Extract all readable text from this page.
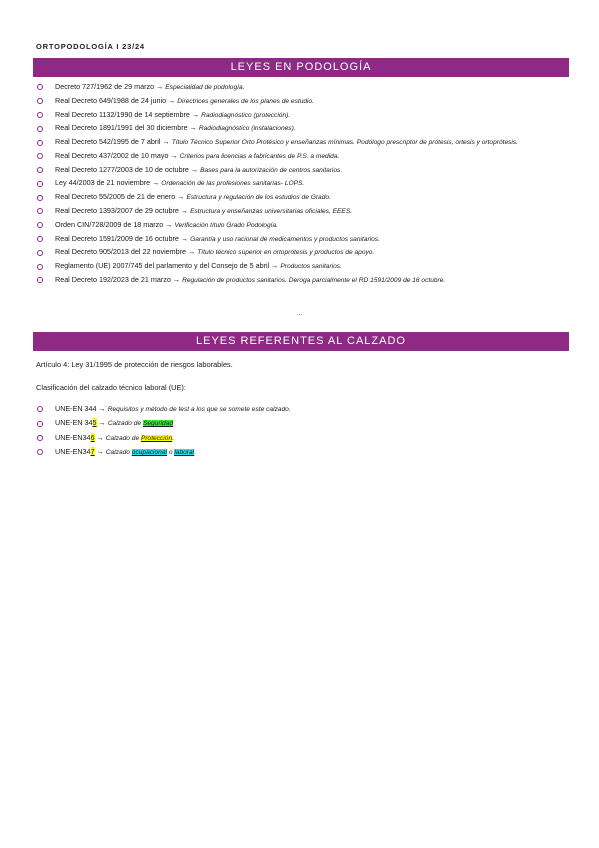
ORTOPODOLOGÍA I 23/24
LEYES EN PODOLOGÍA
Decreto 727/1962 de 29 marzo → Especialidad de podología.
Real Decreto 649/1988 de 24 junio → Directrices generales de los planes de estudio.
Real Decreto 1132/1990 de 14 septiembre → Radiodiagnóstico (protección).
Real Decreto 1891/1991 del 30 diciembre → Radiodiagnóstico (instalaciones).
Real Decreto 542/1995 de 7 abril → Título Técnico Superior Orto Protésico y enseñanzas mínimas. Podólogo prescriptor de prótesis, ortesis y ortoprótesis.
Real Decreto 437/2002 de 10 mayo → Criterios para licencias a fabricantes de P.S. a medida.
Real Decreto 1277/2003 de 10 de octubre → Bases para la autorización de centros sanitarios.
Ley 44/2003 de 21 noviembre → Ordenación de las profesiones sanitarias- LOPS.
Real Decreto 55/2005 de 21 de enero → Estructura y regulación de los estudios de Grado.
Real Decreto 1393/2007 de 29 octubre → Estructura y enseñanzas universitarias oficiales, EEES.
Orden CIN/728/2009 de 18 marzo → Verificación título Grado Podología.
Real Decreto 1591/2009 de 16 octubre → Garantía y uso racional de medicamentos y productos sanitarios.
Real Decreto 905/2013 del 22 noviembre → Título técnico superior en ortoprótesis y productos de apoyo.
Reglamento (UE) 2007/745 del parlamento y del Consejo de 5 abril → Productos sanitarios.
Real Decreto 192/2023 de 21 marzo → Regulación de productos sanitarios. Deroga parcialmente el RD 1591/2009 de 16 octubre.
…
LEYES REFERENTES AL CALZADO
Artículo 4: Ley 31/1995 de protección de riesgos laborables.
Clasificación del calzado técnico laboral (UE):
UNE-EN 344 → Requisitos y método de test a los que se somete este calzado.
UNE-EN 345 → Calzado de Seguridad
UNE-EN346 → Calzado de Protección.
UNE-EN347 → Calzado ocupacional o laboral
